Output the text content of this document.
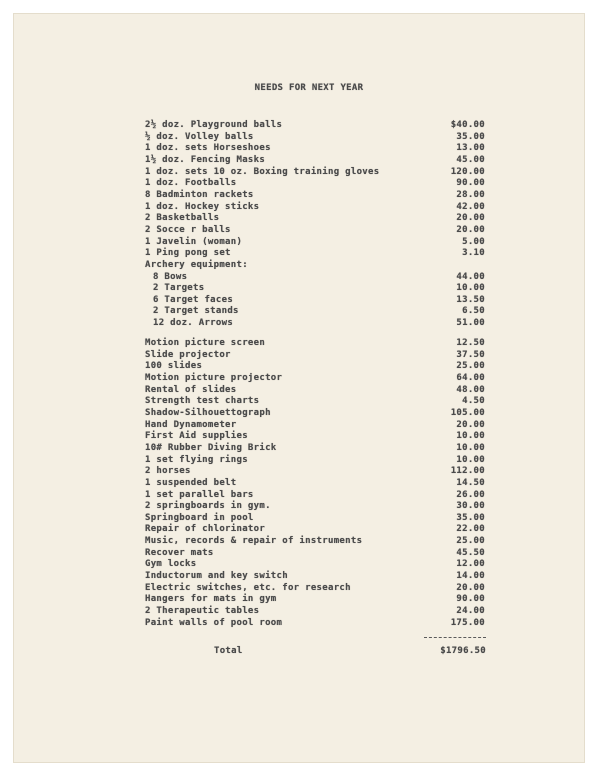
NEEDS FOR NEXT YEAR
2½ doz. Playground balls	$40.00
½ doz. Volley balls	35.00
1 doz. sets Horseshoes	13.00
1½ doz. Fencing Masks	45.00
1 doz. sets 10 oz. Boxing training gloves	120.00
1 doz. Footballs	90.00
8 Badminton rackets	28.00
1 doz. Hockey sticks	42.00
2 Basketballs	20.00
2 Socce r balls	20.00
1 Javelin (woman)	5.00
1 Ping pong set	3.10
Archery equipment:
8 Bows	44.00
2 Targets	10.00
6 Target faces	13.50
2 Target stands	6.50
12 doz. Arrows	51.00
Motion picture screen	12.50
Slide projector	37.50
100 slides	25.00
Motion picture projector	64.00
Rental of slides	48.00
Strength test charts	4.50
Shadow-Silhouettograph	105.00
Hand Dynamometer	20.00
First Aid supplies	10.00
10# Rubber Diving Brick	10.00
1 set flying rings	10.00
2 horses	112.00
1 suspended belt	14.50
1 set parallel bars	26.00
2 springboards in gym.	30.00
Springboard in pool	35.00
Repair of chlorinator	22.00
Music, records & repair of instruments	25.00
Recover mats	45.50
Gym locks	12.00
Inductorum and key switch	14.00
Electric switches, etc. for research	20.00
Hangers for mats in gym	90.00
2 Therapeutic tables	24.00
Paint walls of pool room	175.00
Total	$1796.50
